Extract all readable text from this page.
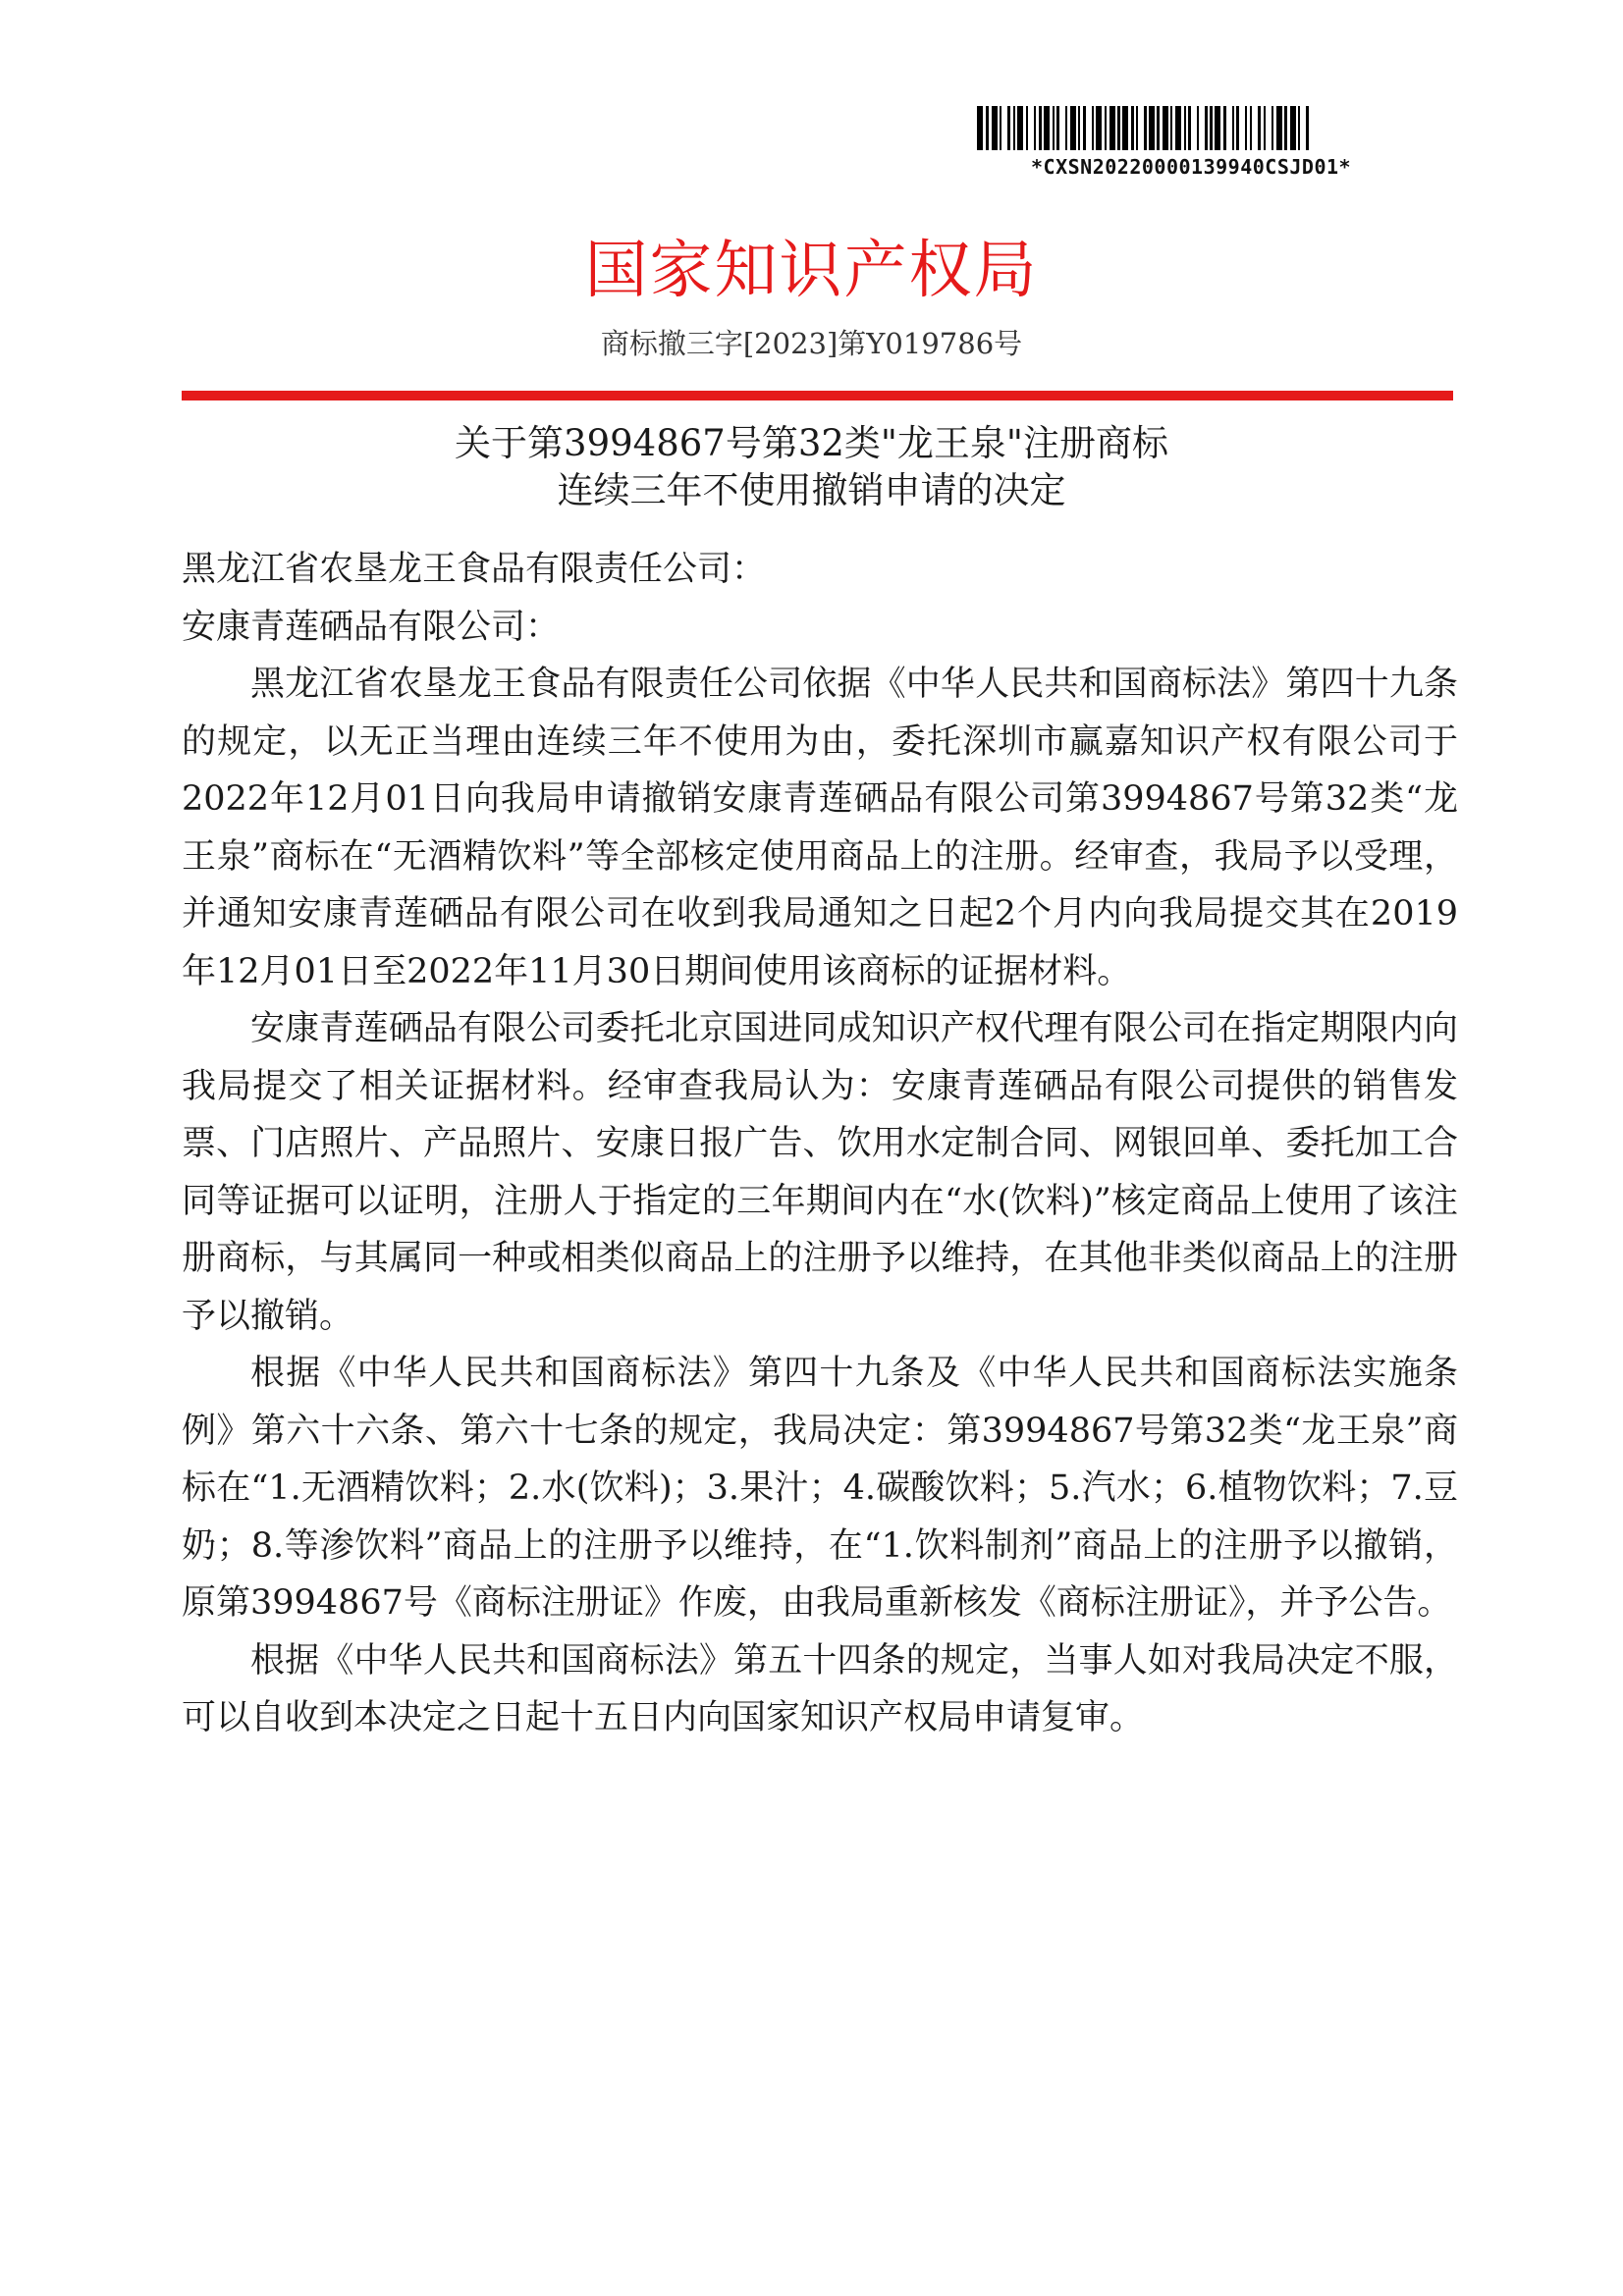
*CXSN20220000139940CSJD01*
国家知识产权局
商标撤三字[2023]第Y019786号
关于第3994867号第32类"龙王泉"注册商标
连续三年不使用撤销申请的决定

黑龙江省农垦龙王食品有限责任公司：

安康青莲硒品有限公司：

黑龙江省农垦龙王食品有限责任公司依据《中华人民共和国商标法》第四十九条的规定，以无正当理由连续三年不使用为由，委托深圳市赢嘉知识产权有限公司于2022年12月01日向我局申请撤销安康青莲硒品有限公司第3994867号第32类“龙王泉”商标在“无酒精饮料”等全部核定使用商品上的注册。经审查，我局予以受理，并通知安康青莲硒品有限公司在收到我局通知之日起2个月内向我局提交其在2019年12月01日至2022年11月30日期间使用该商标的证据材料。

安康青莲硒品有限公司委托北京国进同成知识产权代理有限公司在指定期限内向我局提交了相关证据材料。经审查我局认为：安康青莲硒品有限公司提供的销售发票、门店照片、产品照片、安康日报广告、饮用水定制合同、网银回单、委托加工合同等证据可以证明，注册人于指定的三年期间内在“水(饮料)”核定商品上使用了该注册商标，与其属同一种或相类似商品上的注册予以维持，在其他非类似商品上的注册予以撤销。

根据《中华人民共和国商标法》第四十九条及《中华人民共和国商标法实施条例》第六十六条、第六十七条的规定，我局决定：第3994867号第32类“龙王泉”商标在“1.无酒精饮料；2.水(饮料)；3.果汁；4.碳酸饮料；5.汽水；6.植物饮料；7.豆奶；8.等渗饮料”商品上的注册予以维持，在“1.饮料制剂”商品上的注册予以撤销，原第3994867号《商标注册证》作废，由我局重新核发《商标注册证》，并予公告。

根据《中华人民共和国商标法》第五十四条的规定，当事人如对我局决定不服，可以自收到本决定之日起十五日内向国家知识产权局申请复审。
